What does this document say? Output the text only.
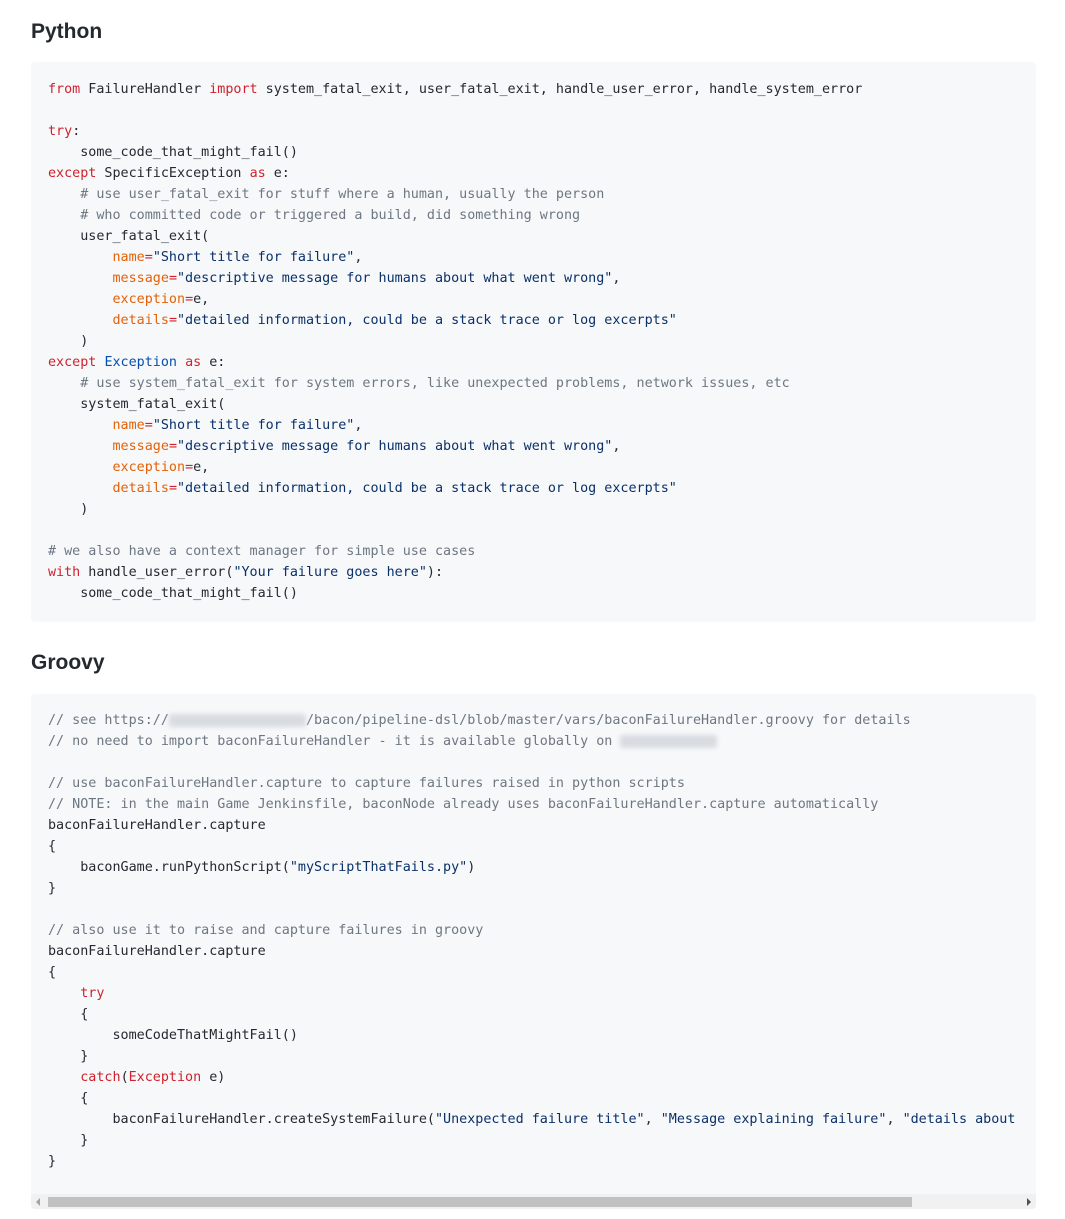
Python
from FailureHandler import system_fatal_exit, user_fatal_exit, handle_user_error, handle_system_error

try:
some_code_that_might_fail()
except SpecificException as e:
# use user_fatal_exit for stuff where a human, usually the person
# who committed code or triggered a build, did something wrong
user_fatal_exit(
name="Short title for failure",
message="descriptive message for humans about what went wrong",
exception=e,
details="detailed information, could be a stack trace or log excerpts"
)
except Exception as e:
# use system_fatal_exit for system errors, like unexpected problems, network issues, etc
system_fatal_exit(
name="Short title for failure",
message="descriptive message for humans about what went wrong",
exception=e,
details="detailed information, could be a stack trace or log excerpts"
)

# we also have a context manager for simple use cases
with handle_user_error("Your failure goes here"):
some_code_that_might_fail()
Groovy
// see https://	/bacon/pipeline-dsl/blob/master/vars/baconFailureHandler.groovy for details
// no need to import baconFailureHandler - it is available globally on

// use baconFailureHandler.capture to capture failures raised in python scripts
// NOTE: in the main Game Jenkinsfile, baconNode already uses baconFailureHandler.capture automatically
baconFailureHandler.capture
{
baconGame.runPythonScript("myScriptThatFails.py")
}

// also use it to raise and capture failures in groovy
baconFailureHandler.capture
{
try
{
someCodeThatMightFail()
}
catch(Exception e)
{
baconFailureHandler.createSystemFailure("Unexpected failure title", "Message explaining failure", "details about
}
}
